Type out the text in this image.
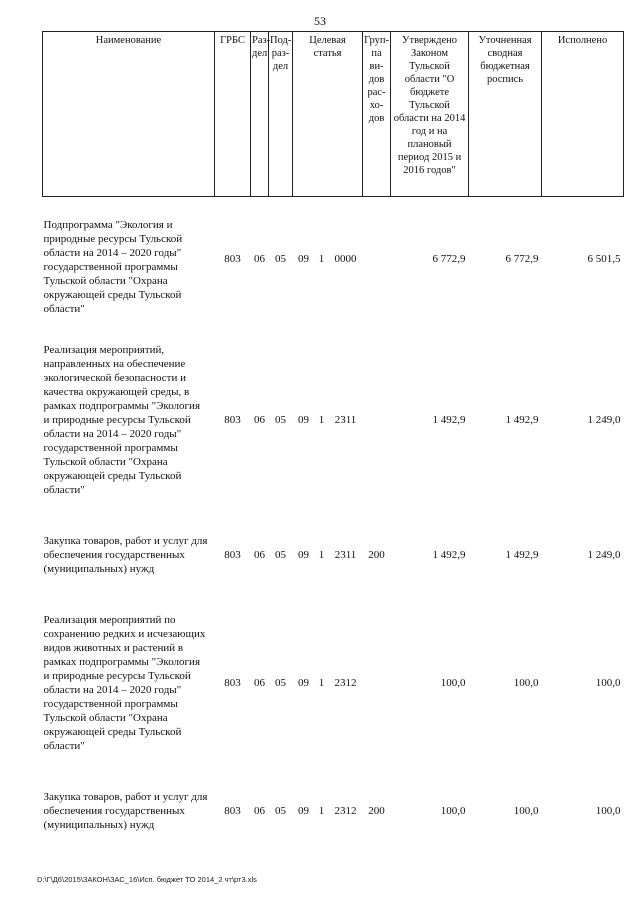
53
Наименование	ГРБС	Раз-дел	Под-раз-дел	Целевая статья			Груп-па ви-дов рас-хо-дов	Утверждено Законом Тульской области "О бюджете Тульской области на 2014 год и на плановый период 2015 и 2016 годов"	Уточненная сводная бюджетная роспись	Исполнено
Подпрограмма "Экология и природные ресурсы Тульской области на 2014 – 2020 годы" государственной программы Тульской области "Охрана окружающей среды Тульской области"	803	06	05	09	1	0000		6 772,9	6 772,9	6 501,5
Реализация мероприятий, направленных на обеспечение экологической безопасности и качества окружающей среды, в рамках подпрограммы "Экология и природные ресурсы Тульской области на 2014 – 2020 годы" государственной программы Тульской области "Охрана окружающей среды Тульской области"	803	06	05	09	1	2311		1 492,9	1 492,9	1 249,0
Закупка товаров, работ и услуг для обеспечения государственных (муниципальных) нужд	803	06	05	09	1	2311	200	1 492,9	1 492,9	1 249,0
Реализация мероприятий по сохранению редких и исчезающих видов животных и растений в рамках подпрограммы "Экология и природные ресурсы Тульской области на 2014 – 2020 годы" государственной программы Тульской области "Охрана окружающей среды Тульской области"	803	06	05	09	1	2312		100,0	100,0	100,0
Закупка товаров, работ и услуг для обеспечения государственных (муниципальных) нужд	803	06	05	09	1	2312	200	100,0	100,0	100,0
D:\Г\Д6\2015\ЗАКОН\ЗАС_16\Исп. бюджет ТО 2014_2 чт\рт3.xls
